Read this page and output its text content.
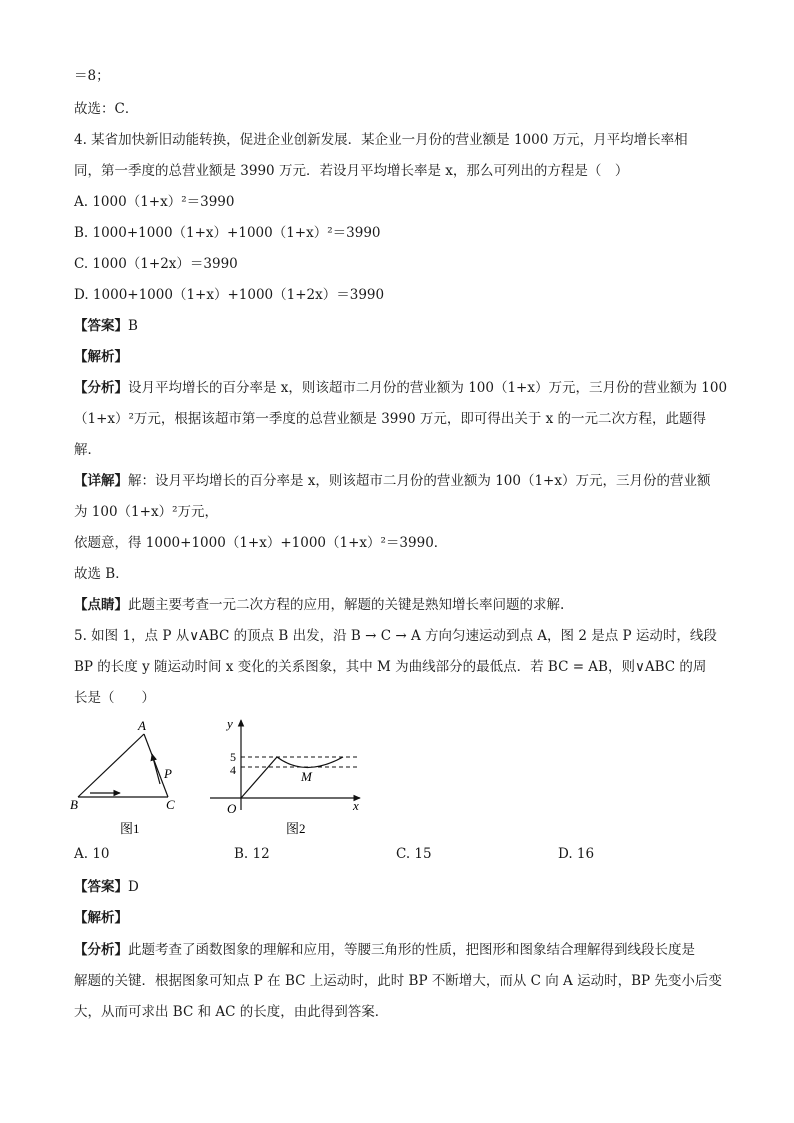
＝8；
故选：C．
4. 某省加快新旧动能转换，促进企业创新发展．某企业一月份的营业额是 1000 万元，月平均增长率相
同，第一季度的总营业额是 3990 万元．若设月平均增长率是 x，那么可列出的方程是（　）
A. 1000（1+x）²＝3990
B. 1000+1000（1+x）+1000（1+x）²＝3990
C. 1000（1+2x）＝3990
D. 1000+1000（1+x）+1000（1+2x）＝3990
【答案】B
【解析】
【分析】设月平均增长的百分率是 x，则该超市二月份的营业额为 100（1+x）万元，三月份的营业额为 100
（1+x）²万元，根据该超市第一季度的总营业额是 3990 万元，即可得出关于 x 的一元二次方程，此题得
解．
【详解】解：设月平均增长的百分率是 x，则该超市二月份的营业额为 100（1+x）万元，三月份的营业额
为 100（1+x）²万元，
依题意，得 1000+1000（1+x）+1000（1+x）²＝3990．
故选 B．
【点睛】此题主要考查一元二次方程的应用，解题的关键是熟知增长率问题的求解.
5. 如图 1，点 P 从∨ABC 的顶点 B 出发，沿 B → C → A 方向匀速运动到点 A，图 2 是点 P 运动时，线段
BP 的长度 y 随运动时间 x 变化的关系图象，其中 M 为曲线部分的最低点．若 BC = AB，则∨ABC 的周
长是（　　）
A
B	C
P
图1
y
x
O
5
4	M
图2
A. 10	B. 12	C. 15	D. 16
【答案】D
【解析】
【分析】此题考查了函数图象的理解和应用，等腰三角形的性质，把图形和图象结合理解得到线段长度是
解题的关键．根据图象可知点 P 在 BC 上运动时，此时 BP 不断增大，而从 C 向 A 运动时，BP 先变小后变
大，从而可求出 BC 和 AC 的长度，由此得到答案．
